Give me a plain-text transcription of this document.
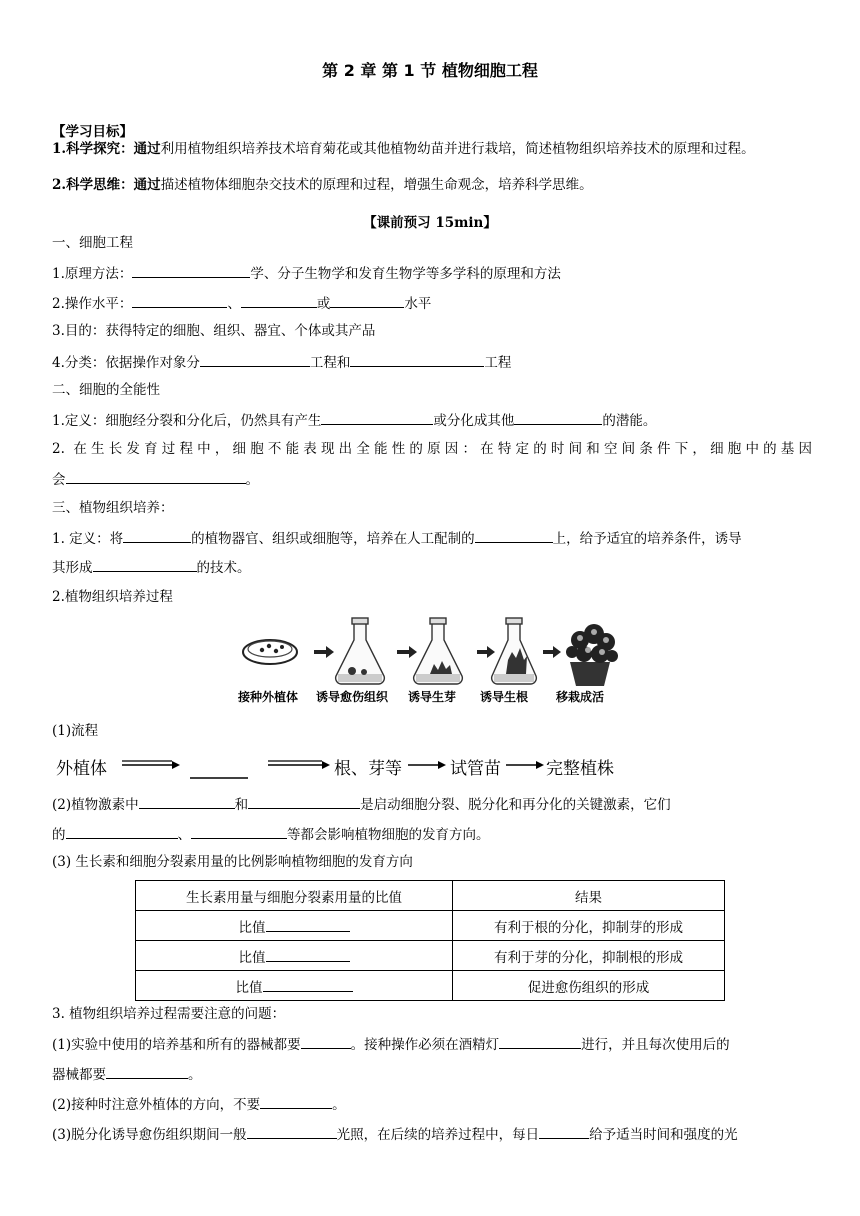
第 2 章 第 1 节 植物细胞工程
【学习目标】
1.科学探究：通过利用植物组织培养技术培育菊花或其他植物幼苗并进行栽培，简述植物组织培养技术的原理和过程。
2.科学思维：通过描述植物体细胞杂交技术的原理和过程，增强生命观念，培养科学思维。
【课前预习 15min】
一、细胞工程
1.原理方法：	学、分子生物学和发育生物学等多学科的原理和方法
2.操作水平：	、	或	水平
3.目的：获得特定的细胞、组织、器宜、个体或其产品
4.分类：依据操作对象分	工程和	工程
二、细胞的全能性
1.定义：细胞经分裂和分化后，仍然具有产生	或分化成其他	的潜能。
2. 在生长发育过程中，细胞不能表现出全能性的原因：在特定的时间和空间条件下，细胞中的基因
会	。
三、植物组织培养：
1. 定义：将	的植物器官、组织或细胞等，培养在人工配制的	上，给予适宜的培养条件，诱导
其形成	的技术。
2.植物组织培养过程
接种外植体 诱导愈伤组织 诱导生芽 诱导生根 移栽成活
(1)流程
外植体	根、芽等	试管苗	完整植株
(2)植物激素中	和	是启动细胞分裂、脱分化和再分化的关键激素，它们
的	、	等都会影响植物细胞的发育方向。
(3) 生长素和细胞分裂素用量的比例影响植物细胞的发育方向
生长素用量与细胞分裂素用量的比值	结果
比值	有利于根的分化，抑制芽的形成
比值	有利于芽的分化，抑制根的形成
比值	促进愈伤组织的形成
3. 植物组织培养过程需要注意的问题：
(1)实验中使用的培养基和所有的器械都要	。接种操作必须在酒精灯	进行，并且每次使用后的
器械都要	。
(2)接种时注意外植体的方向，不要	。
(3)脱分化诱导愈伤组织期间一般	光照，在后续的培养过程中，每日	给予适当时间和强度的光
